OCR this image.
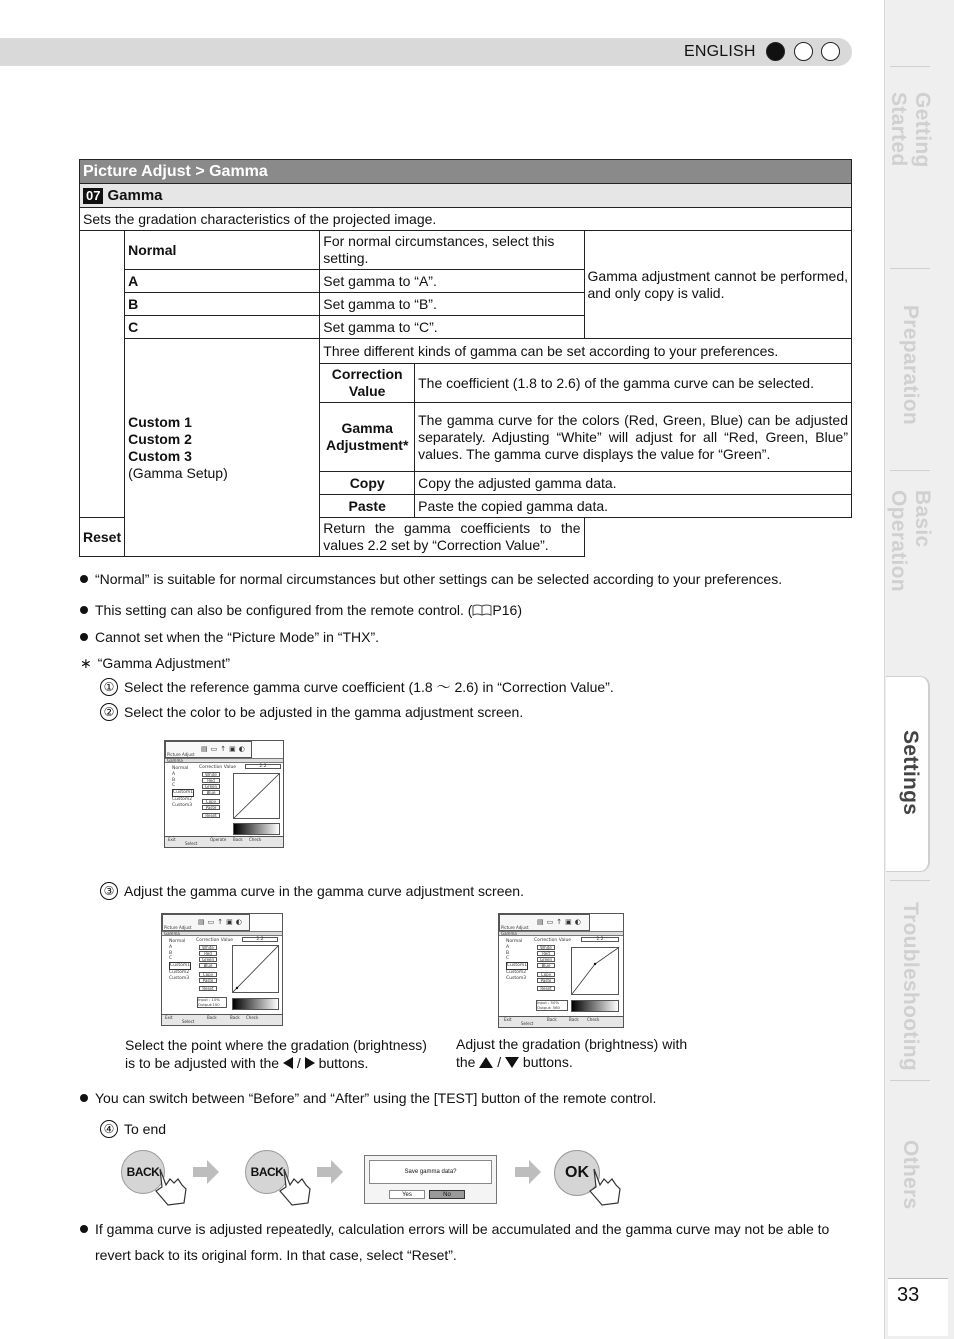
ENGLISH
Getting Started
Preparation
Basic Operation
Settings
Troubleshooting
Others
33
Picture Adjust > Gamma				
07 Gamma				
Sets the gradation characteristics of the projected image.				
	Normal	For normal circumstances, select this setting.		Gamma adjustment cannot be performed, and only copy is valid.
	A	Set gamma to “A”.		
	B	Set gamma to “B”.		
	C	Set gamma to “C”.		

	Custom 1
Custom 2
Custom 3
(Gamma Setup)	Three different kinds of gamma can be set according to your preferences.		
		Correction Value	The coefficient (1.8 to 2.6) of the gamma curve can be selected.	
		Gamma Adjustment*	The gamma curve for the colors (Red, Green, Blue) can be adjusted separately. Adjusting “White” will adjust for all “Red, Green, Blue” values. The gamma curve displays the value for “Green”.	
		Copy	Copy the adjusted gamma data.	
		Paste	Paste the copied gamma data.	
Reset		Return the gamma coefficients to the values 2.2 set by “Correction Value”.		
“Normal” is suitable for normal circumstances but other settings can be selected according to your preferences.
This setting can also be configured from the remote control. ( P16)
Cannot set when the “Picture Mode” in “THX”.
∗ “Gamma Adjustment”
① Select the reference gamma curve coefficient (1.8 ～ 2.6) in “Correction Value”.
② Select the color to be adjusted in the gamma adjustment screen.
Picture Adjust
▤▭↑▣◐
Gamma
Normal
A
B
C
Custom1
Custom2
Custom3
Correction Value	2.2
White
Red
Green
Blue
Copy
Paste
Reset
Exit
Select
Operate Back Check
③ Adjust the gamma curve in the gamma curve adjustment screen.
Picture Adjust
▤▭↑▣◐
Gamma
Normal
A
B
C
Custom1
Custom2
Custom3
Correction Value	2.2
White
Red
Green
Blue
Copy
Paste
Reset
Input : 10% Output:100
Exit
Select
Back	Back Check
Picture Adjust
▤▭↑▣◐
Gamma
Normal
A
B
C
Custom1
Custom2
Custom3
Correction Value	2.2
White
Red
Green
Blue
Copy
Paste
Reset
Input : 50% Output: 560
Exit
Select
Back	Back Check
Select the point where the gradation (brightness)
is to be adjusted with the  /  buttons.
Adjust the gradation (brightness) with
the  /  buttons.
You can switch between “Before” and “After” using the [TEST] button of the remote control.
④ To end
BACK	BACK	Save gamma data?
Yes	No
OK
If gamma curve is adjusted repeatedly, calculation errors will be accumulated and the gamma curve may not be able to
revert back to its original form. In that case, select “Reset”.
